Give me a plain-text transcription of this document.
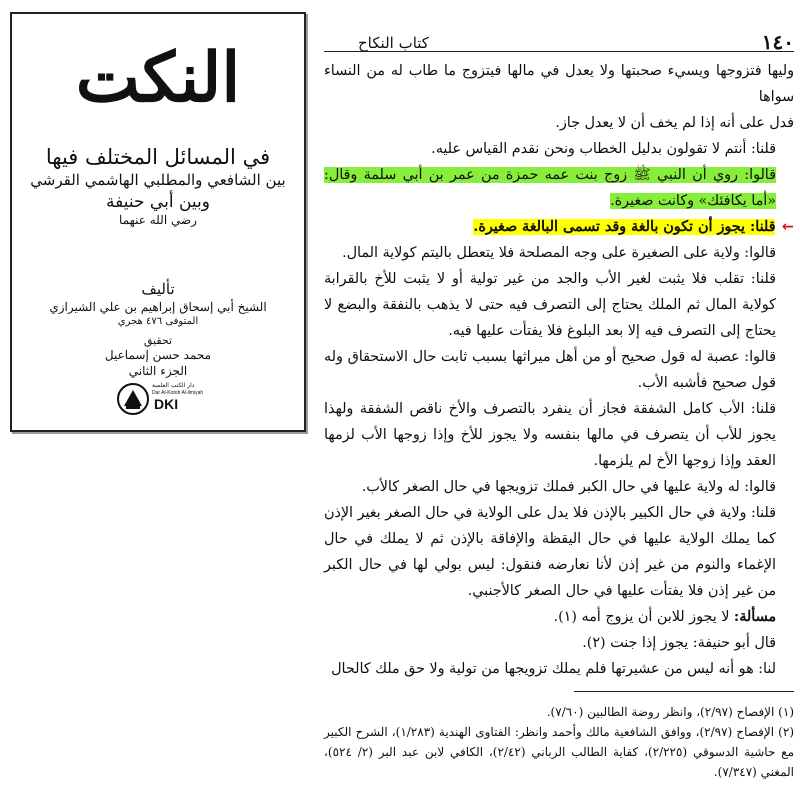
النكت
في المسائل المختلف فيها
بين الشافعي والمطلبي الهاشمي القرشي
وبين أبي حنيفة
رضي الله عنهما
تأليف
الشيخ أبي إسحاق إبراهيم بن علي الشيرازي
المتوفى ٤٧٦ هجري
تحقيق
محمد حسن إسماعيل
الجزء الثاني
دار الكتب العلمية
Dar Al-Kotob Al-ilmiyah
DKI
١٤٠
كتاب النكاح

وليها فتزوجها ويسيء صحبتها ولا يعدل في مالها فيتزوج ما طاب له من النساء سواها

فدل على أنه إذا لم يخف أن لا يعدل جاز.

قلنا: أنتم لا تقولون بدليل الخطاب ونحن نقدم القياس عليه.

قالوا: روي أن النبي ﷺ زوج بنت عمه حمزة من عمر بن أبي سلمة وقال: «أما يكافئك» وكانت صغيرة.

← قلنا: يجوز أن تكون بالغة وقد تسمى البالغة صغيرة.

قالوا: ولاية على الصغيرة على وجه المصلحة فلا يتعطل باليتم كولاية المال.

قلنا: تقلب فلا يثبت لغير الأب والجد من غير تولية أو لا يثبت للأخ بالقرابة كولاية المال ثم الملك يحتاج إلى التصرف فيه حتى لا يذهب بالنفقة والبضع لا يحتاج إلى التصرف فيه إلا بعد البلوغ فلا يفتأت عليها فيه.

قالوا: عصبة له قول صحيح أو من أهل ميراثها بسبب ثابت حال الاستحقاق وله قول صحيح فأشبه الأب.

قلنا: الأب كامل الشفقة فجاز أن ينفرد بالتصرف والأخ ناقص الشفقة ولهذا يجوز للأب أن يتصرف في مالها بنفسه ولا يجوز للأخ وإذا زوجها الأب لزمها العقد وإذا زوجها الأخ لم يلزمها.

قالوا: له ولاية عليها في حال الكبر فملك تزويجها في حال الصغر كالأب.

قلنا: ولاية في حال الكبير بالإذن فلا يدل على الولاية في حال الصغر بغير الإذن كما يملك الولاية عليها في حال اليقظة والإفاقة بالإذن ثم لا يملك في حال الإغماء والنوم من غير إذن لأنا نعارضه فنقول: ليس بولي لها في حال الكبر من غير إذن فلا يفتأت عليها في حال الصغر كالأجنبي.

مسألة: لا يجوز للابن أن يزوج أمه (١).

قال أبو حنيفة: يجوز إذا جنت (٢).

لنا: هو أنه ليس من عشيرتها فلم يملك تزويجها من تولية ولا حق ملك كالحال

(١) الإفصاح (٢/٩٧)، وانظر روضة الطالبين (٧/٦٠).

(٢) الإفصاح (٢/٩٧)، ووافق الشافعية مالك وأحمد وانظر: الفتاوى الهندية (١/٢٨٣)، الشرح الكبير مع حاشية الدسوقي (٢/٢٢٥)، كفاية الطالب الرباني (٢/٤٢)، الكافي لابن عبد البر (٢/ ٥٢٤)، المغني (٧/٣٤٧).
